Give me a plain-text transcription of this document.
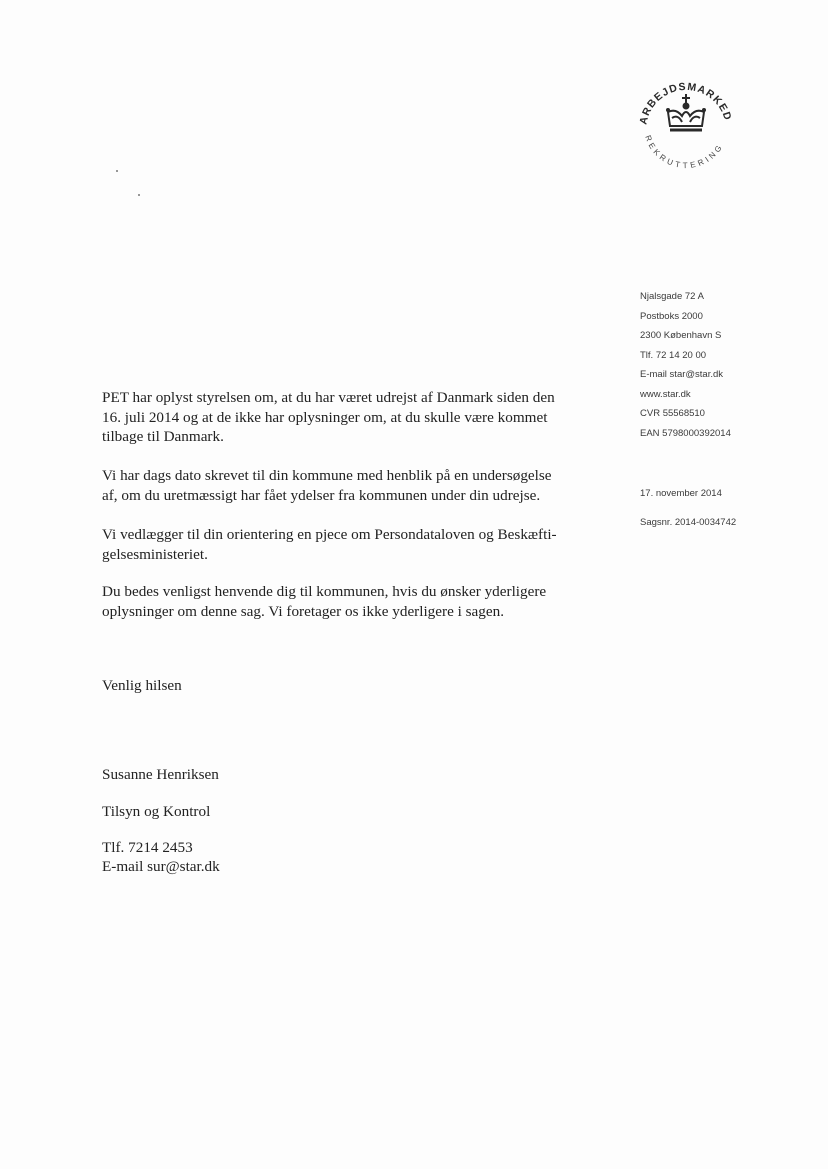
ARBEJDSMARKED
REKRUTTERING
Njalsgade 72 A
Postboks 2000
2300 København S
Tlf. 72 14 20 00
E-mail star@star.dk
www.star.dk
CVR 55568510
EAN 5798000392014
17. november 2014
Sagsnr. 2014-0034742
PET har oplyst styrelsen om, at du har været udrejst af Danmark siden den
16. juli 2014 og at de ikke har oplysninger om, at du skulle være kommet
tilbage til Danmark.
Vi har dags dato skrevet til din kommune med henblik på en undersøgelse
af, om du uretmæssigt har fået ydelser fra kommunen under din udrejse.
Vi vedlægger til din orientering en pjece om Persondataloven og Beskæfti-
gelsesministeriet.
Du bedes venligst henvende dig til kommunen, hvis du ønsker yderligere
oplysninger om denne sag. Vi foretager os ikke yderligere i sagen.
Venlig hilsen
Susanne Henriksen
Tilsyn og Kontrol
Tlf. 7214 2453
E-mail sur@star.dk
